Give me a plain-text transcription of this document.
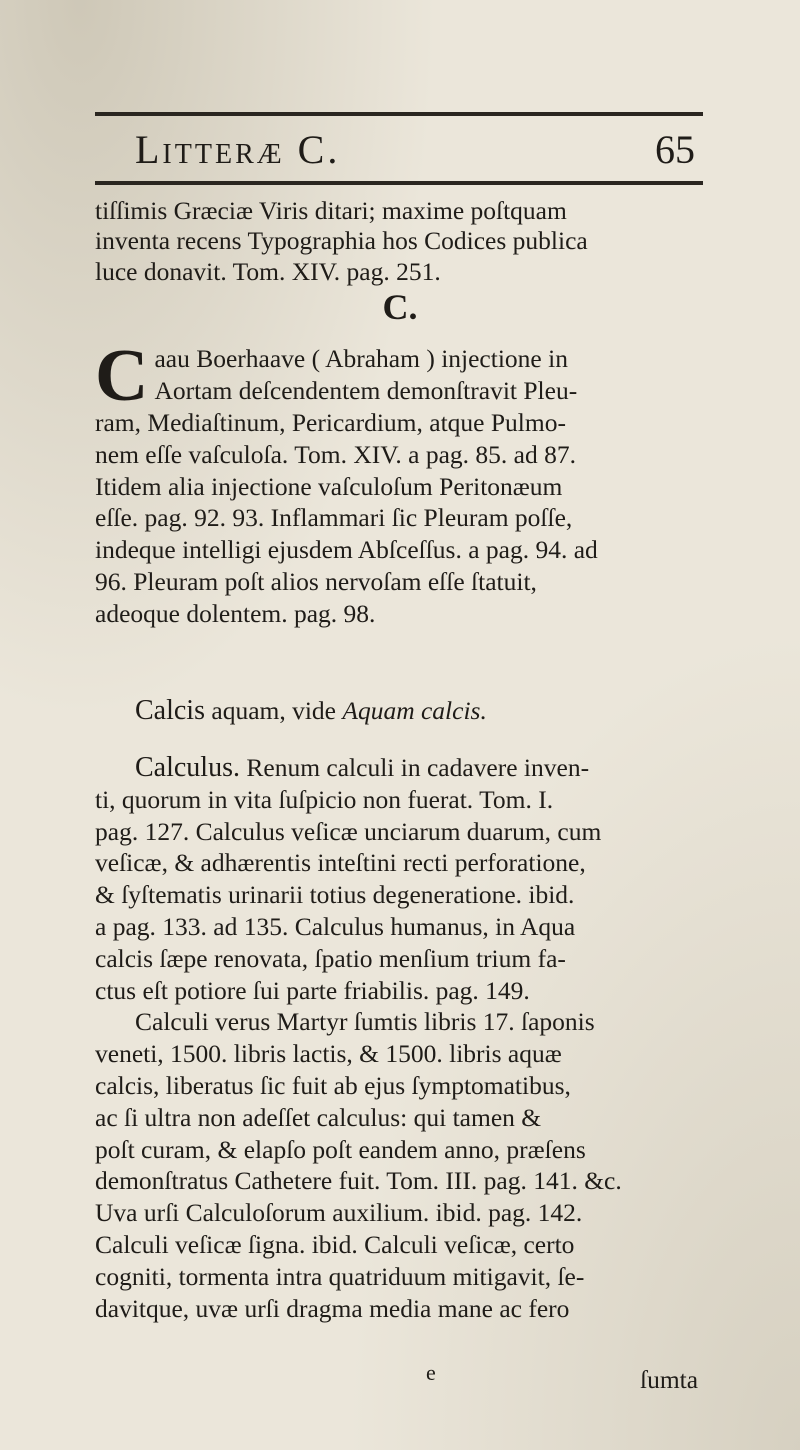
Litteræ C.	65
tiſſimis Græciæ Viris ditari; maxime poſtquam
inventa recens Typographia hos Codices publica
luce donavit. Tom. XIV. pag. 251.
C.
C aau Boerhaave ( Abraham ) injectione in
Aortam deſcendentem demonſtravit Pleu-
ram, Mediaſtinum, Pericardium, atque Pulmo-
nem eſſe vaſculoſa. Tom. XIV. a pag. 85. ad 87.
Itidem alia injectione vaſculoſum Peritonæum
eſſe. pag. 92. 93. Inflammari ſic Pleuram poſſe,
indeque intelligi ejusdem Abſceſſus. a pag. 94. ad
96. Pleuram poſt alios nervoſam eſſe ſtatuit,
adeoque dolentem. pag. 98.
Calcis aquam, vide Aquam calcis.
Calculus. Renum calculi in cadavere inven-
ti, quorum in vita ſuſpicio non fuerat. Tom. I.
pag. 127. Calculus veſicæ unciarum duarum, cum
veſicæ, & adhærentis inteſtini recti perforatione,
& ſyſtematis urinarii totius degeneratione. ibid.
a pag. 133. ad 135. Calculus humanus, in Aqua
calcis ſæpe renovata, ſpatio menſium trium fa-
ctus eſt potiore ſui parte friabilis. pag. 149.
Calculi verus Martyr ſumtis libris 17. ſaponis
veneti, 1500. libris lactis, & 1500. libris aquæ
calcis, liberatus ſic fuit ab ejus ſymptomatibus,
ac ſi ultra non adeſſet calculus: qui tamen &
poſt curam, & elapſo poſt eandem anno, præſens
demonſtratus Cathetere fuit. Tom. III. pag. 141. &c.
Uva urſi Calculoſorum auxilium. ibid. pag. 142.
Calculi veſicæ ſigna. ibid. Calculi veſicæ, certo
cogniti, tormenta intra quatriduum mitigavit, ſe-
davitque, uvæ urſi dragma media mane ac fero
e	ſumta
